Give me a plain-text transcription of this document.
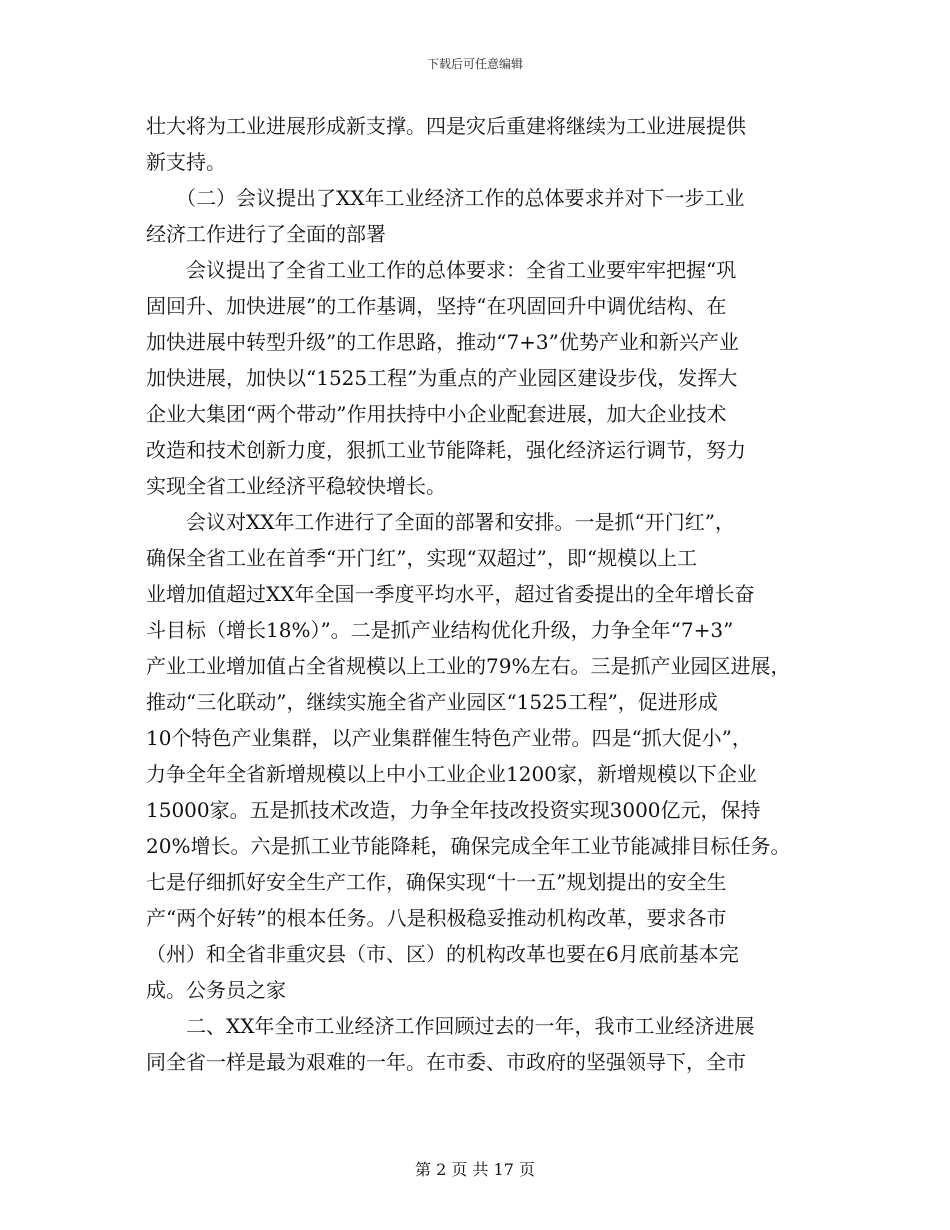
下载后可任意编辑
壮大将为工业进展形成新支撑。四是灾后重建将继续为工业进展提供
新支持。
　　（二）会议提出了XX年工业经济工作的总体要求并对下一步工业
经济工作进行了全面的部署
　　会议提出了全省工业工作的总体要求：全省工业要牢牢把握“巩
固回升、加快进展”的工作基调，坚持“在巩固回升中调优结构、在
加快进展中转型升级”的工作思路，推动“7+3”优势产业和新兴产业
加快进展，加快以“1525工程”为重点的产业园区建设步伐，发挥大
企业大集团“两个带动”作用扶持中小企业配套进展，加大企业技术
改造和技术创新力度，狠抓工业节能降耗，强化经济运行调节，努力
实现全省工业经济平稳较快增长。
　　会议对XX年工作进行了全面的部署和安排。一是抓“开门红”，
确保全省工业在首季“开门红”，实现“双超过”，即“规模以上工
业增加值超过XX年全国一季度平均水平，超过省委提出的全年增长奋
斗目标（增长18%）”。二是抓产业结构优化升级，力争全年“7+3”
产业工业增加值占全省规模以上工业的79%左右。三是抓产业园区进展，
推动“三化联动”，继续实施全省产业园区“1525工程”，促进形成
10个特色产业集群，以产业集群催生特色产业带。四是“抓大促小”，
力争全年全省新增规模以上中小工业企业1200家，新增规模以下企业
15000家。五是抓技术改造，力争全年技改投资实现3000亿元，保持
20%增长。六是抓工业节能降耗，确保完成全年工业节能减排目标任务。
七是仔细抓好安全生产工作，确保实现“十一五”规划提出的安全生
产“两个好转”的根本任务。八是积极稳妥推动机构改革，要求各市
（州）和全省非重灾县（市、区）的机构改革也要在6月底前基本完
成。公务员之家
　　二、XX年全市工业经济工作回顾过去的一年，我市工业经济进展
同全省一样是最为艰难的一年。在市委、市政府的坚强领导下，全市
第 2 页 共 17 页
